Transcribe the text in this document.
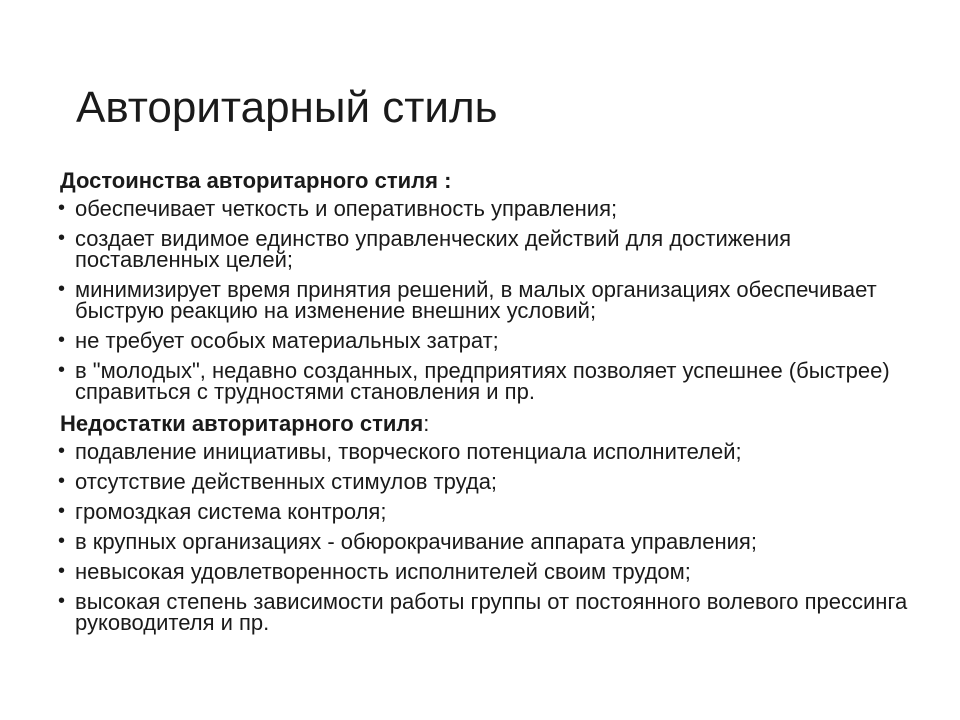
Авторитарный стиль

Достоинства авторитарного стиля :

• обеспечивает четкость и оперативность управления;
• создает видимое единство управленческих действий для достижения поставленных целей;
• минимизирует время принятия решений, в малых организациях обеспечивает быструю реакцию на изменение внешних условий;
• не требует особых материальных затрат;
• в "молодых", недавно созданных, предприятиях позволяет успешнее (быстрее) справиться с трудностями становления и пр.

Недостатки авторитарного стиля:

• подавление инициативы, творческого потенциала исполнителей;
• отсутствие действенных стимулов труда;
• громоздкая система контроля;
• в крупных организациях - обюрокрачивание аппарата управления;
• невысокая удовлетворенность исполнителей своим трудом;
• высокая степень зависимости работы группы от постоянного волевого прессинга руководителя и пр.
